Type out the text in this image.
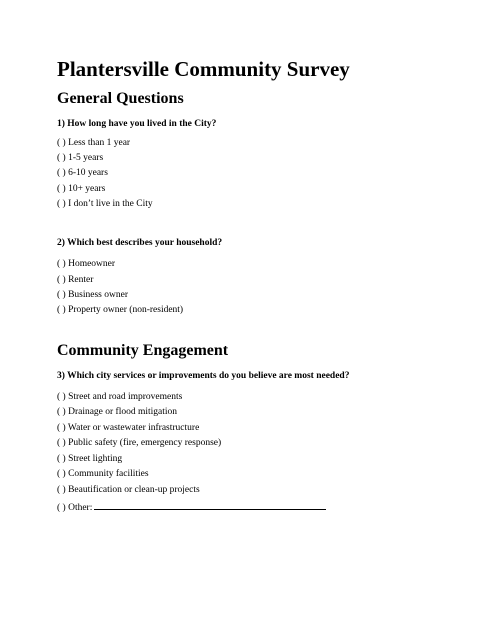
Plantersville Community Survey
General Questions
1) How long have you lived in the City?
( ) Less than 1 year
( ) 1-5 years
( ) 6-10 years
( ) 10+ years
( ) I don’t live in the City
2) Which best describes your household?
( ) Homeowner
( ) Renter
( ) Business owner
( ) Property owner (non-resident)
Community Engagement
3) Which city services or improvements do you believe are most needed?
( ) Street and road improvements
( ) Drainage or flood mitigation
( ) Water or wastewater infrastructure
( ) Public safety (fire, emergency response)
( ) Street lighting
( ) Community facilities
( ) Beautification or clean-up projects
( ) Other:
